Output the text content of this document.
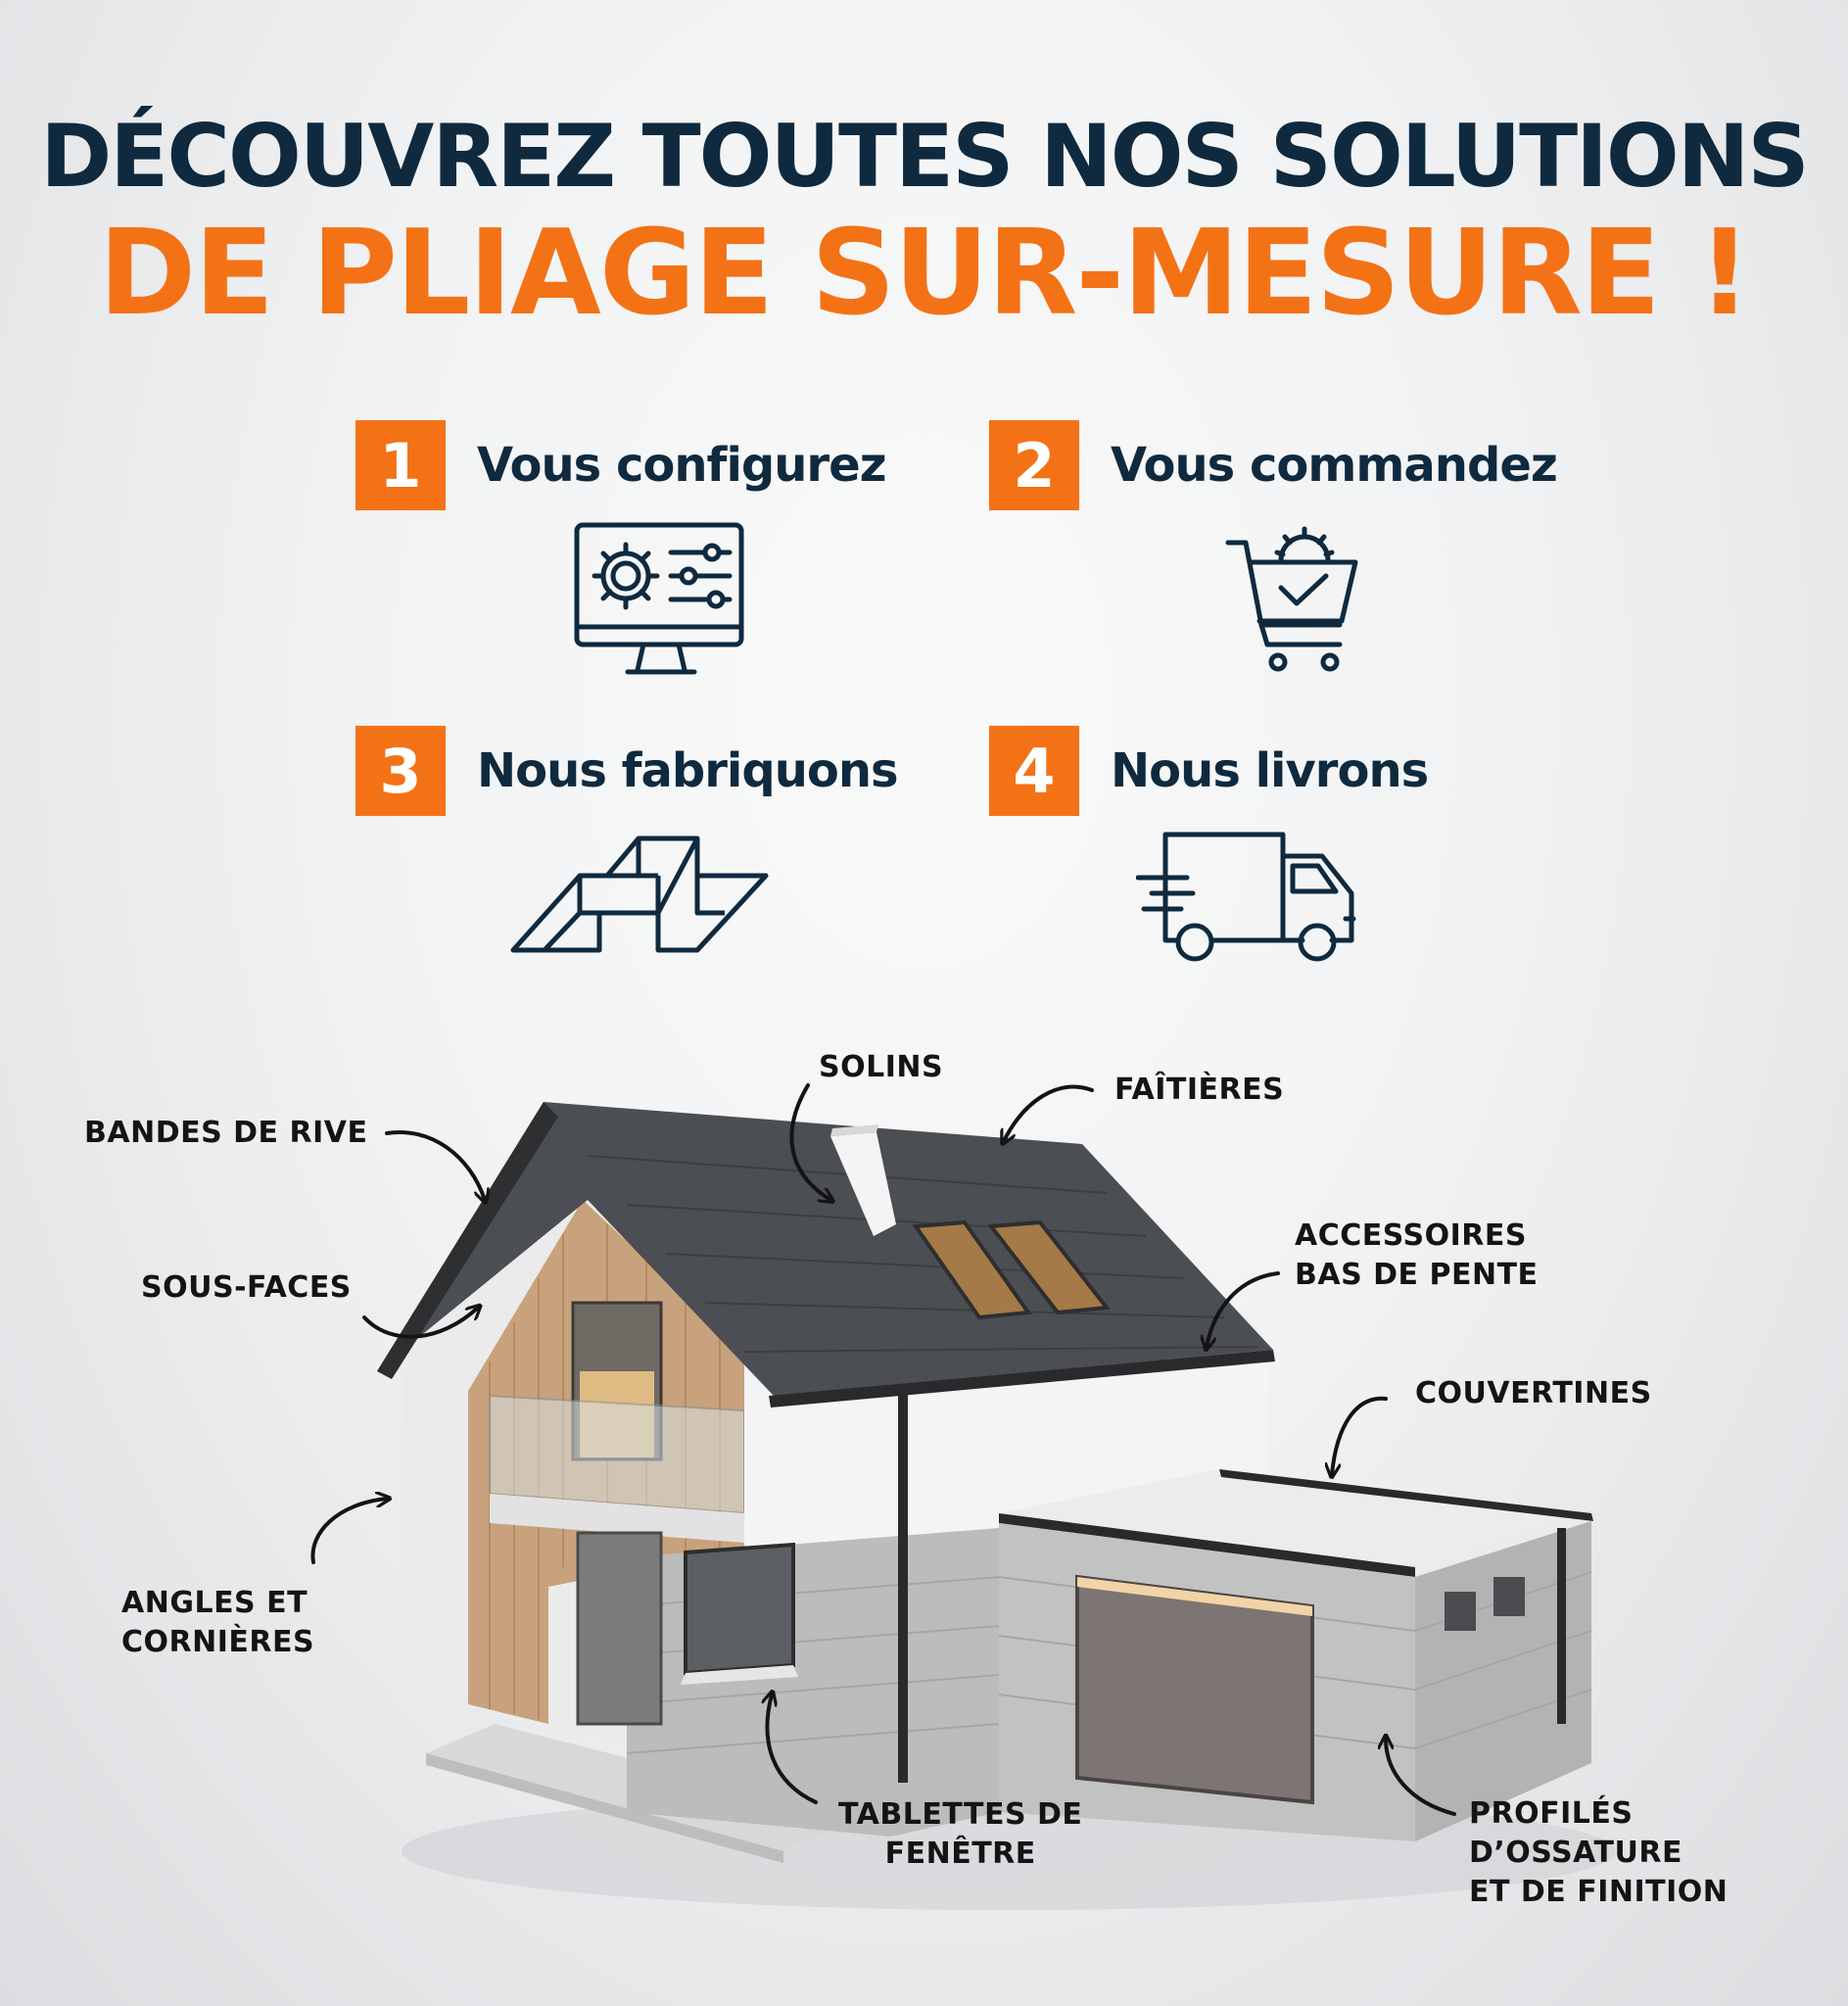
DÉCOUVREZ TOUTES NOS SOLUTIONS
DE PLIAGE SUR-MESURE !
1	Vous configurez	2	Vous commandez
3	Nous fabriquons	4	Nous livrons
SOLINS
FAÎTIÈRES
BANDES DE RIVE
ACCESSOIRES
BAS DE PENTE
SOUS-FACES
COUVERTINES
ANGLES ET
CORNIÈRES
TABLETTES DE
FENÊTRE
PROFILÉS
D’OSSATURE
ET DE FINITION
